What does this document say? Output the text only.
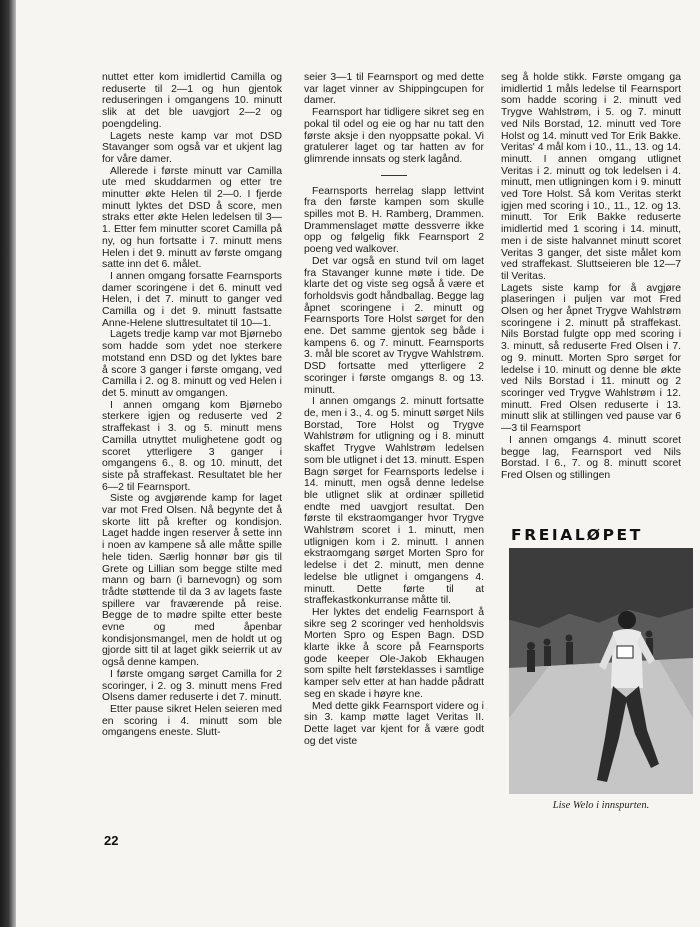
nuttet etter kom imidlertid Camilla og reduserte til 2—1 og hun gjentok reduseringen i omgangens 10. minutt slik at det ble uavgjort 2—2 og poengdeling.

Lagets neste kamp var mot DSD Stavanger som også var et ukjent lag for våre damer.

Allerede i første minutt var Camilla ute med skuddarmen og etter tre minutter økte Helen til 2—0. I fjerde minutt lyktes det DSD å score, men straks etter økte Helen ledelsen til 3—1. Etter fem minutter scoret Camilla på ny, og hun fortsatte i 7. minutt mens Helen i det 9. minutt av første omgang satte inn det 6. målet.

I annen omgang forsatte Fearnsports damer scoringene i det 6. minutt ved Helen, i det 7. minutt to ganger ved Camilla og i det 9. minutt fastsatte Anne-Helene sluttresultatet til 10—1.

Lagets tredje kamp var mot Bjørnebo som hadde som ydet noe sterkere motstand enn DSD og det lyktes bare å score 3 ganger i første omgang, ved Camilla i 2. og 8. minutt og ved Helen i det 5. minutt av omgangen.

I annen omgang kom Bjørnebo sterkere igjen og reduserte ved 2 straffekast i 3. og 5. minutt mens Camilla utnyttet mulighetene godt og scoret ytterligere 3 ganger i omgangens 6., 8. og 10. minutt, det siste på straffekast. Resultatet ble her 6—2 til Fearnsport.

Siste og avgjørende kamp for laget var mot Fred Olsen. Nå begynte det å skorte litt på krefter og kondisjon. Laget hadde ingen reserver å sette inn i noen av kampene så alle måtte spille hele tiden. Særlig honnør bør gis til Grete og Lillian som begge stilte med mann og barn (i barnevogn) og som trådte støttende til da 3 av lagets faste spillere var fraværende på reise. Begge de to mødre spilte etter beste evne og med åpenbar kondisjonsmangel, men de holdt ut og gjorde sitt til at laget gikk seierrik ut av også denne kampen.

I første omgang sørget Camilla for 2 scoringer, i 2. og 3. minutt mens Fred Olsens damer reduserte i det 7. minutt.

Etter pause sikret Helen seieren med en scoring i 4. minutt som ble omgangens eneste. Slutt-

seier 3—1 til Fearnsport og med dette var laget vinner av Shippingcupen for damer.

Fearnsport har tidligere sikret seg en pokal til odel og eie og har nu tatt den første aksje i den nyoppsatte pokal. Vi gratulerer laget og tar hatten av for glimrende innsats og sterk lagånd.

Fearnsports herrelag slapp lettvint fra den første kampen som skulle spilles mot B. H. Ramberg, Drammen. Drammenslaget møtte dessverre ikke opp og følgelig fikk Fearnsport 2 poeng ved walkover.

Det var også en stund tvil om laget fra Stavanger kunne møte i tide. De klarte det og viste seg også å være et forholdsvis godt håndballag. Begge lag åpnet scoringene i 2. minutt og Fearnsports Tore Holst sørget for den ene. Det samme gjentok seg både i kampens 6. og 7. minutt. Fearnsports 3. mål ble scoret av Trygve Wahlstrøm. DSD fortsatte med ytterligere 2 scoringer i første omgangs 8. og 13. minutt.

I annen omgangs 2. minutt fortsatte de, men i 3., 4. og 5. minutt sørget Nils Borstad, Tore Holst og Trygve Wahlstrøm for utligning og i 8. minutt skaffet Trygve Wahlstrøm ledelsen som ble utlignet i det 13. minutt. Espen Bagn sørget for Fearnsports ledelse i 14. minutt, men også denne ledelse ble utlignet slik at ordinær spilletid endte med uavgjort resultat. Den første til ekstraomganger hvor Trygve Wahlstrøm scoret i 1. minutt, men utlignigen kom i 2. minutt. I annen ekstraomgang sørget Morten Spro for ledelse i det 2. minutt, men denne ledelse ble utlignet i omgangens 4. minutt. Dette førte til at straffekastkonkurranse måtte til.

Her lyktes det endelig Fearnsport å sikre seg 2 scoringer ved henholdsvis Morten Spro og Espen Bagn. DSD klarte ikke å score på Fearnsports gode keeper Ole-Jakob Ekhaugen som spilte helt førsteklasses i samtlige kamper selv etter at han hadde pådratt seg en skade i høyre kne.

Med dette gikk Fearnsport videre og i sin 3. kamp møtte laget Veritas II. Dette laget var kjent for å være godt og det viste

seg å holde stikk. Første omgang ga imidlertid 1 måls ledelse til Fearnsport som hadde scoring i 2. minutt ved Trygve Wahlstrøm, i 5. og 7. minutt ved Nils Borstad, 12. minutt ved Tore Holst og 14. minutt ved Tor Erik Bakke. Veritas' 4 mål kom i 10., 11., 13. og 14. minutt. I annen omgang utlignet Veritas i 2. minutt og tok ledelsen i 4. minutt, men utligningen kom i 9. minutt ved Tore Holst. Så kom Veritas sterkt igjen med scoring i 10., 11., 12. og 13. minutt. Tor Erik Bakke reduserte imidlertid med 1 scoring i 14. minutt, men i de siste halvannet minutt scoret Veritas 3 ganger, det siste målet kom ved straffekast. Sluttseieren ble 12—7 til Veritas.

Lagets siste kamp for å avgjøre plaseringen i puljen var mot Fred Olsen og her åpnet Trygve Wahlstrøm scoringene i 2. minutt på straffekast. Nils Borstad fulgte opp med scoring i 3. minutt, så reduserte Fred Olsen i 7. og 9. minutt. Morten Spro sørget for ledelse i 10. minutt og denne ble økte ved Nils Borstad i 11. minutt og 2 scoringer ved Trygve Wahlstrøm i 12. minutt. Fred Olsen reduserte i 13. minutt slik at stillingen ved pause var 6—3 til Fearnsport

I annen omgangs 4. minutt scoret begge lag, Fearnsport ved Nils Borstad. I 6., 7. og 8. minutt scoret Fred Olsen og stillingen

FREIALØPET
Lise Welo i innspurten.
22
